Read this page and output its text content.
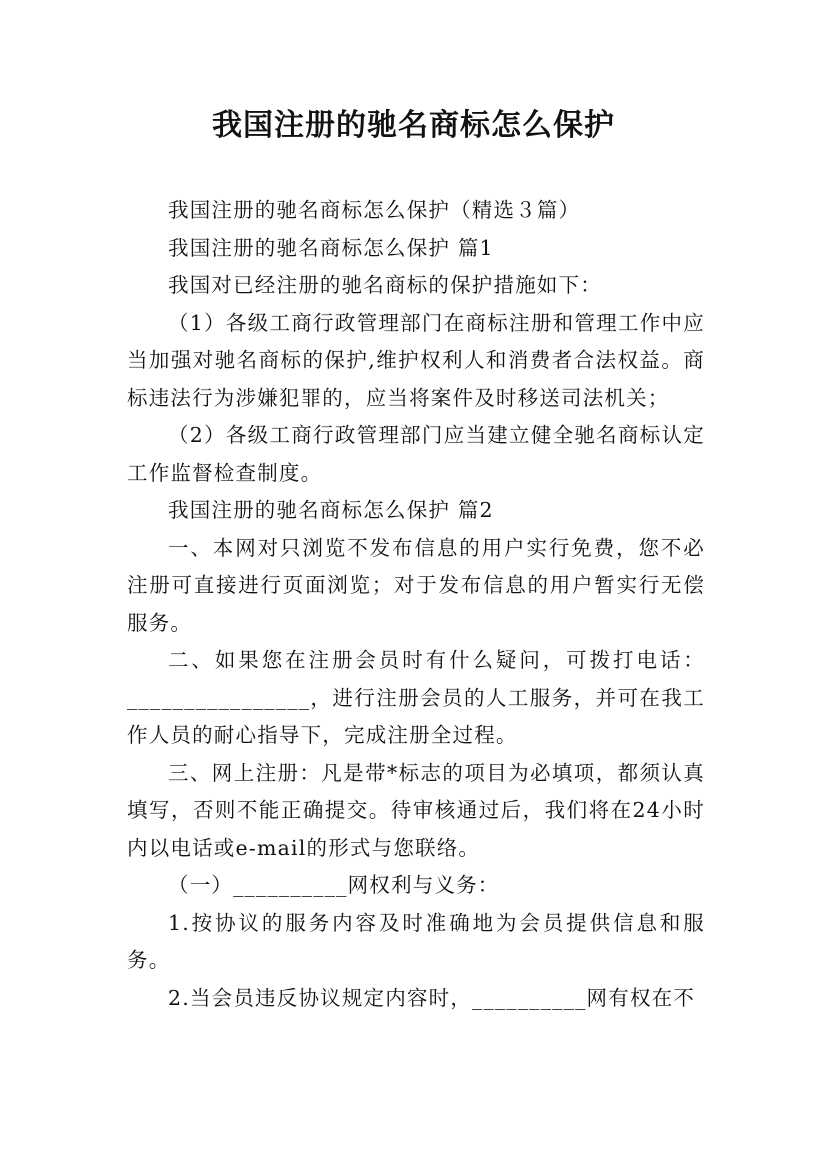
我国注册的驰名商标怎么保护

我国注册的驰名商标怎么保护（精选３篇）

我国注册的驰名商标怎么保护 篇1

我国对已经注册的驰名商标的保护措施如下：

（1）各级工商行政管理部门在商标注册和管理工作中应当加强对驰名商标的保护,维护权利人和消费者合法权益。商标违法行为涉嫌犯罪的，应当将案件及时移送司法机关；

（2）各级工商行政管理部门应当建立健全驰名商标认定工作监督检查制度。

我国注册的驰名商标怎么保护 篇2

一、本网对只浏览不发布信息的用户实行免费，您不必注册可直接进行页面浏览；对于发布信息的用户暂实行无偿服务。

二、如果您在注册会员时有什么疑问，可拨打电话：________________，进行注册会员的人工服务，并可在我工作人员的耐心指导下，完成注册全过程。

三、网上注册：凡是带*标志的项目为必填项，都须认真填写，否则不能正确提交。待审核通过后，我们将在24小时内以电话或e-mail的形式与您联络。

（一）__________网权利与义务：

1.按协议的服务内容及时准确地为会员提供信息和服务。

2.当会员违反协议规定内容时，__________网有权在不
